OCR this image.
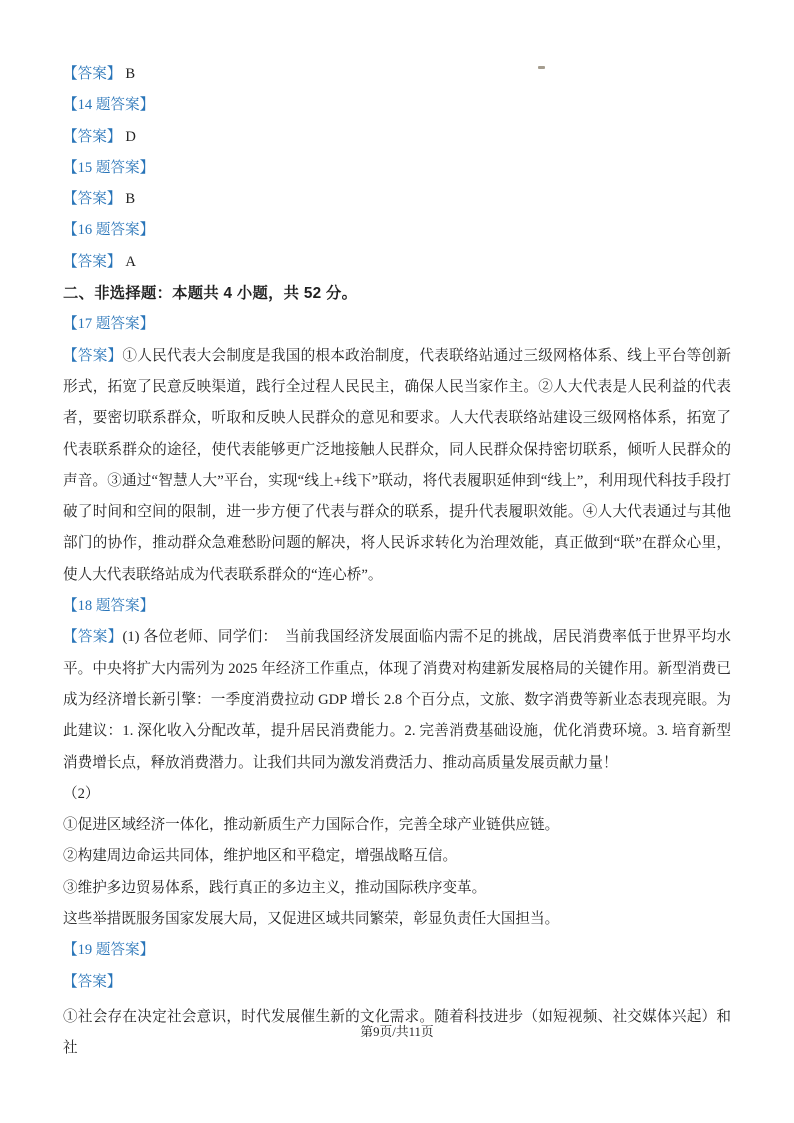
【答案】 B

【14 题答案】

【答案】 D

【15 题答案】

【答案】 B

【16 题答案】

【答案】 A

二、非选择题：本题共 4 小题，共 52 分。

【17 题答案】

【答案】①人民代表大会制度是我国的根本政治制度，代表联络站通过三级网格体系、线上平台等创新形式，拓宽了民意反映渠道，践行全过程人民民主，确保人民当家作主。②人大代表是人民利益的代表者，要密切联系群众，听取和反映人民群众的意见和要求。人大代表联络站建设三级网格体系，拓宽了代表联系群众的途径，使代表能够更广泛地接触人民群众，同人民群众保持密切联系，倾听人民群众的声音。③通过“智慧人大”平台，实现“线上+线下”联动，将代表履职延伸到“线上”，利用现代科技手段打破了时间和空间的限制，进一步方便了代表与群众的联系，提升代表履职效能。④人大代表通过与其他部门的协作，推动群众急难愁盼问题的解决，将人民诉求转化为治理效能，真正做到“联”在群众心里，使人大代表联络站成为代表联系群众的“连心桥”。

【18 题答案】

【答案】(1) 各位老师、同学们：　当前我国经济发展面临内需不足的挑战，居民消费率低于世界平均水平。中央将扩大内需列为 2025 年经济工作重点，体现了消费对构建新发展格局的关键作用。新型消费已成为经济增长新引擎：一季度消费拉动 GDP 增长 2.8 个百分点，文旅、数字消费等新业态表现亮眼。为此建议：1. 深化收入分配改革，提升居民消费能力。2. 完善消费基础设施，优化消费环境。3. 培育新型消费增长点，释放消费潜力。让我们共同为激发消费活力、推动高质量发展贡献力量！

（2）

①促进区域经济一体化，推动新质生产力国际合作，完善全球产业链供应链。

②构建周边命运共同体，维护地区和平稳定，增强战略互信。

③维护多边贸易体系，践行真正的多边主义，推动国际秩序变革。

这些举措既服务国家发展大局，又促进区域共同繁荣，彰显负责任大国担当。

【19 题答案】

【答案】

①社会存在决定社会意识，时代发展催生新的文化需求。随着科技进步（如短视频、社交媒体兴起）和社

第9页/共11页
